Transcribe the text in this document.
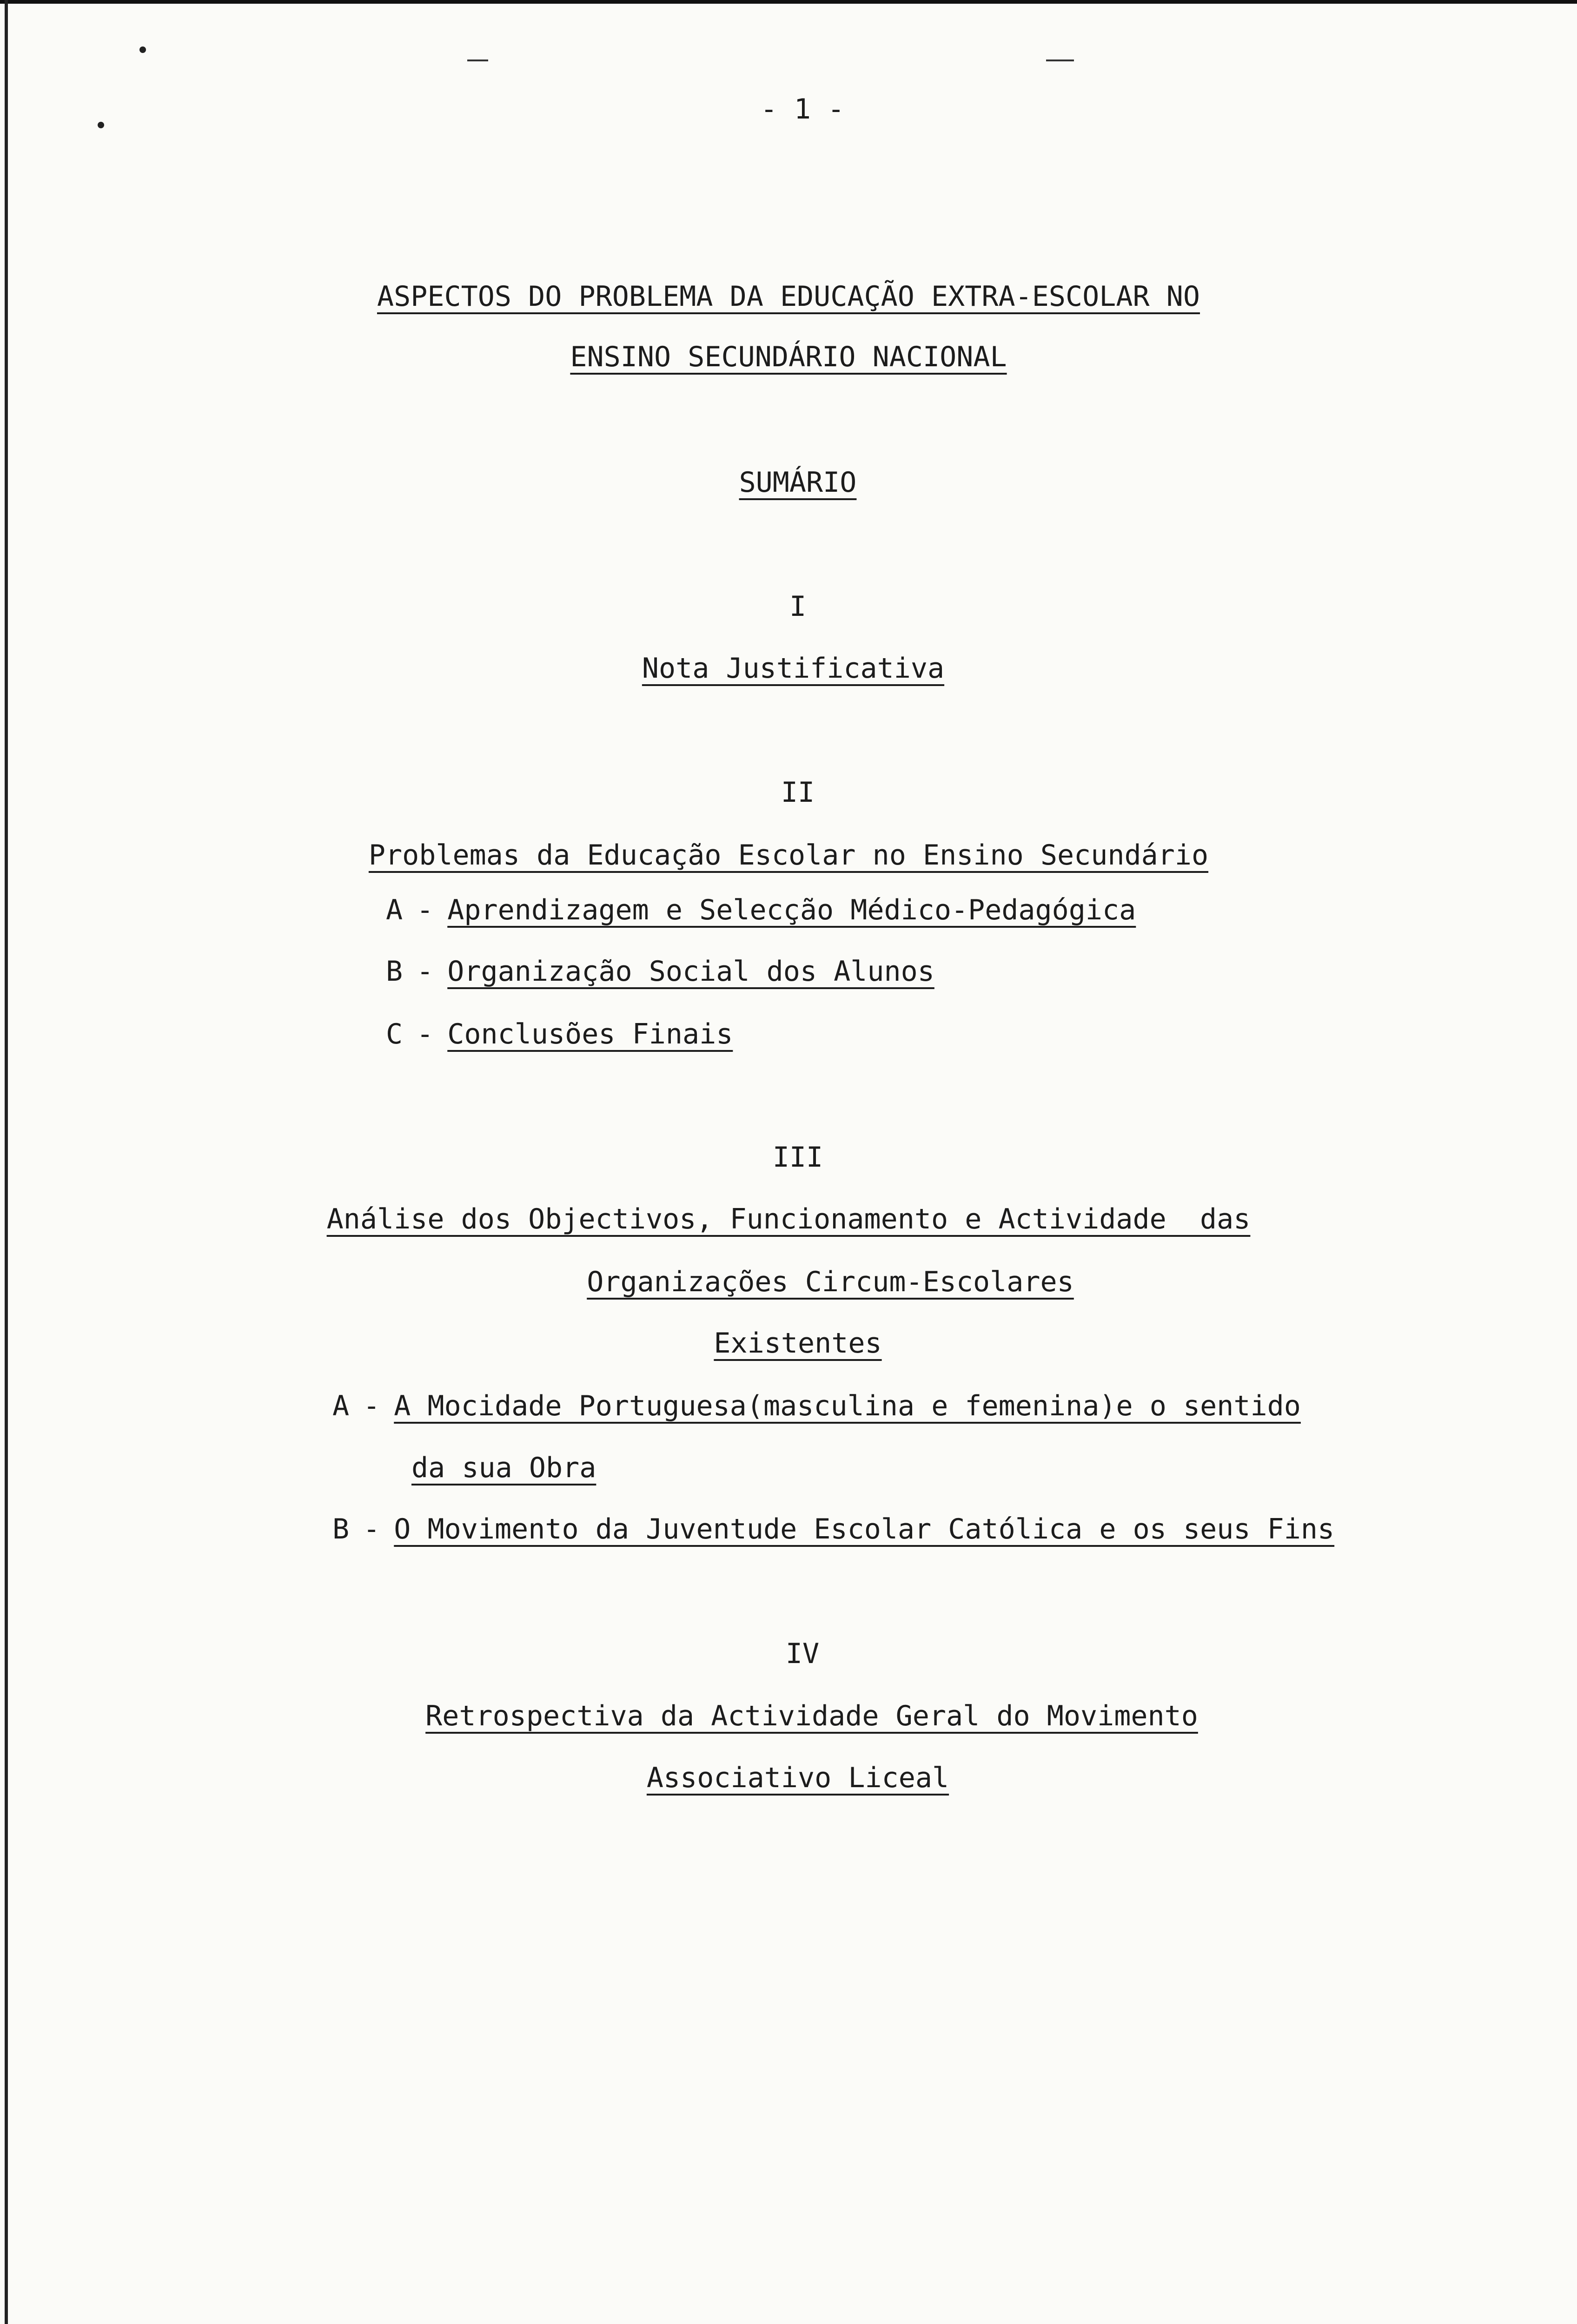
- 1 -
ASPECTOS DO PROBLEMA DA EDUCAÇÃO EXTRA-ESCOLAR NO
ENSINO SECUNDÁRIO NACIONAL
SUMÁRIO
I
Nota Justificativa
II
Problemas da Educação Escolar no Ensino Secundário
A - Aprendizagem e Selecção Médico-Pedagógica
B - Organização Social dos Alunos
C - Conclusões Finais
III
Análise dos Objectivos, Funcionamento e Actividade  das
Organizações Circum-Escolares
Existentes
A - A Mocidade Portuguesa(masculina e femenina)e o sentido
da sua Obra
B - O Movimento da Juventude Escolar Católica e os seus Fins
IV
Retrospectiva da Actividade Geral do Movimento
Associativo Liceal
